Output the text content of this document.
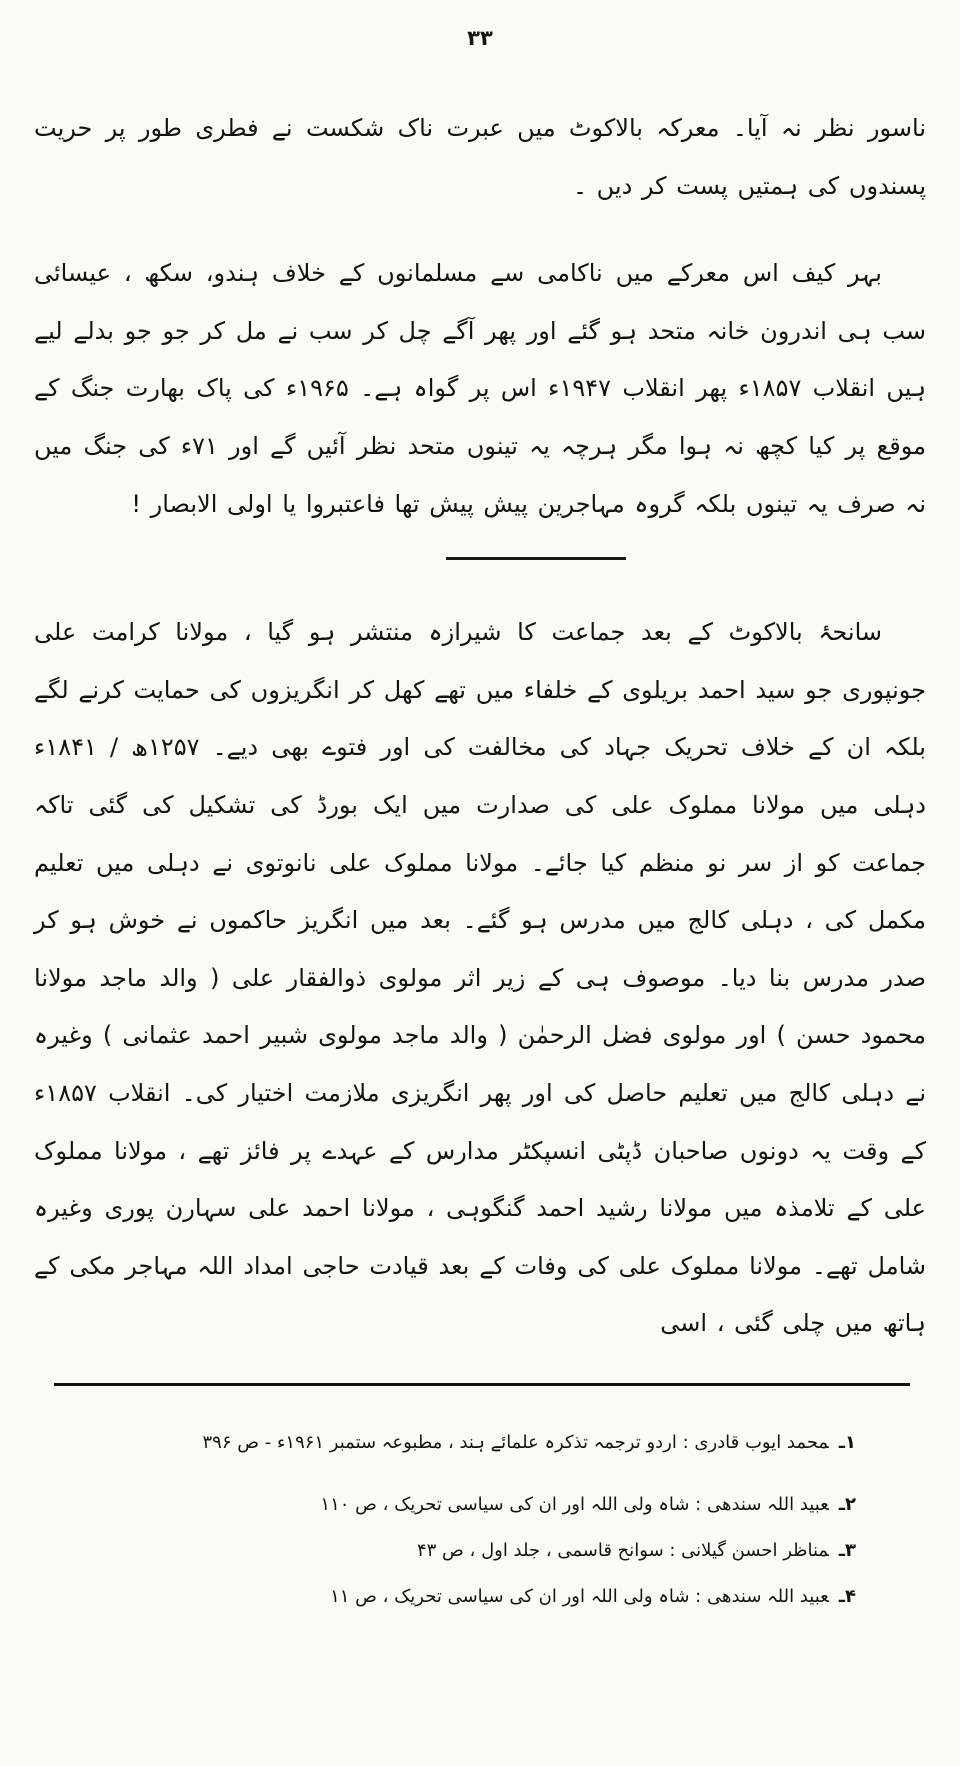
۳۳

ناسور نظر نہ آیا۔ معرکہ بالاکوٹ میں عبرت ناک شکست نے فطری طور پر حریت پسندوں کی ہمتیں پست کر دیں ۔

بہر کیف اس معرکے میں ناکامی سے مسلمانوں کے خلاف ہندو، سکھ ، عیسائی سب ہی اندرون خانہ متحد ہو گئے اور پھر آگے چل کر سب نے مل کر جو جو بدلے لیے ہیں انقلاب ۱۸۵۷ء پھر انقلاب ۱۹۴۷ء اس پر گواہ ہے۔ ۱۹۶۵ء کی پاک بھارت جنگ کے موقع پر کیا کچھ نہ ہوا مگر ہرچہ یہ تینوں متحد نظر آئیں گے اور ۷۱ء کی جنگ میں نہ صرف یہ تینوں بلکہ گروہ مہاجرین پیش پیش تھا فاعتبروا یا اولی الابصار !

سانحۂ بالاکوٹ کے بعد جماعت کا شیرازہ منتشر ہو گیا ، مولانا کرامت علی جونپوری جو سید احمد بریلوی کے خلفاء میں تھے کھل کر انگریزوں کی حمایت کرنے لگے بلکہ ان کے خلاف تحریک جہاد کی مخالفت کی اور فتوے بھی دیے۔ ۱۲۵۷ھ / ۱۸۴۱ء دہلی میں مولانا مملوک علی کی صدارت میں ایک بورڈ کی تشکیل کی گئی تاکہ جماعت کو از سر نو منظم کیا جائے۔ مولانا مملوک علی نانوتوی نے دہلی میں تعلیم مکمل کی ، دہلی کالج میں مدرس ہو گئے۔ بعد میں انگریز حاکموں نے خوش ہو کر صدر مدرس بنا دیا۔ موصوف ہی کے زیر اثر مولوی ذوالفقار علی ( والد ماجد مولانا محمود حسن ) اور مولوی فضل الرحمٰن ( والد ماجد مولوی شبیر احمد عثمانی ) وغیرہ نے دہلی کالج میں تعلیم حاصل کی اور پھر انگریزی ملازمت اختیار کی۔ انقلاب ۱۸۵۷ء کے وقت یہ دونوں صاحبان ڈپٹی انسپکٹر مدارس کے عہدے پر فائز تھے ، مولانا مملوک علی کے تلامذہ میں مولانا رشید احمد گنگوہی ، مولانا احمد علی سہارن پوری وغیرہ شامل تھے۔ مولانا مملوک علی کی وفات کے بعد قیادت حاجی امداد اللہ مہاجر مکی کے ہاتھ میں چلی گئی ، اسی

۱ـمحمد ایوب قادری : اردو ترجمہ تذکرہ علمائے ہند ، مطبوعہ ستمبر ۱۹۶۱ء - ص ۳۹۶
۲ـعبید اللہ سندھی : شاہ ولی اللہ اور ان کی سیاسی تحریک ، ص ۱۱۰
۳ـمناظر احسن گیلانی : سوانح قاسمی ، جلد اول ، ص ۴۳
۴ـعبید اللہ سندھی : شاہ ولی اللہ اور ان کی سیاسی تحریک ، ص ۱۱
